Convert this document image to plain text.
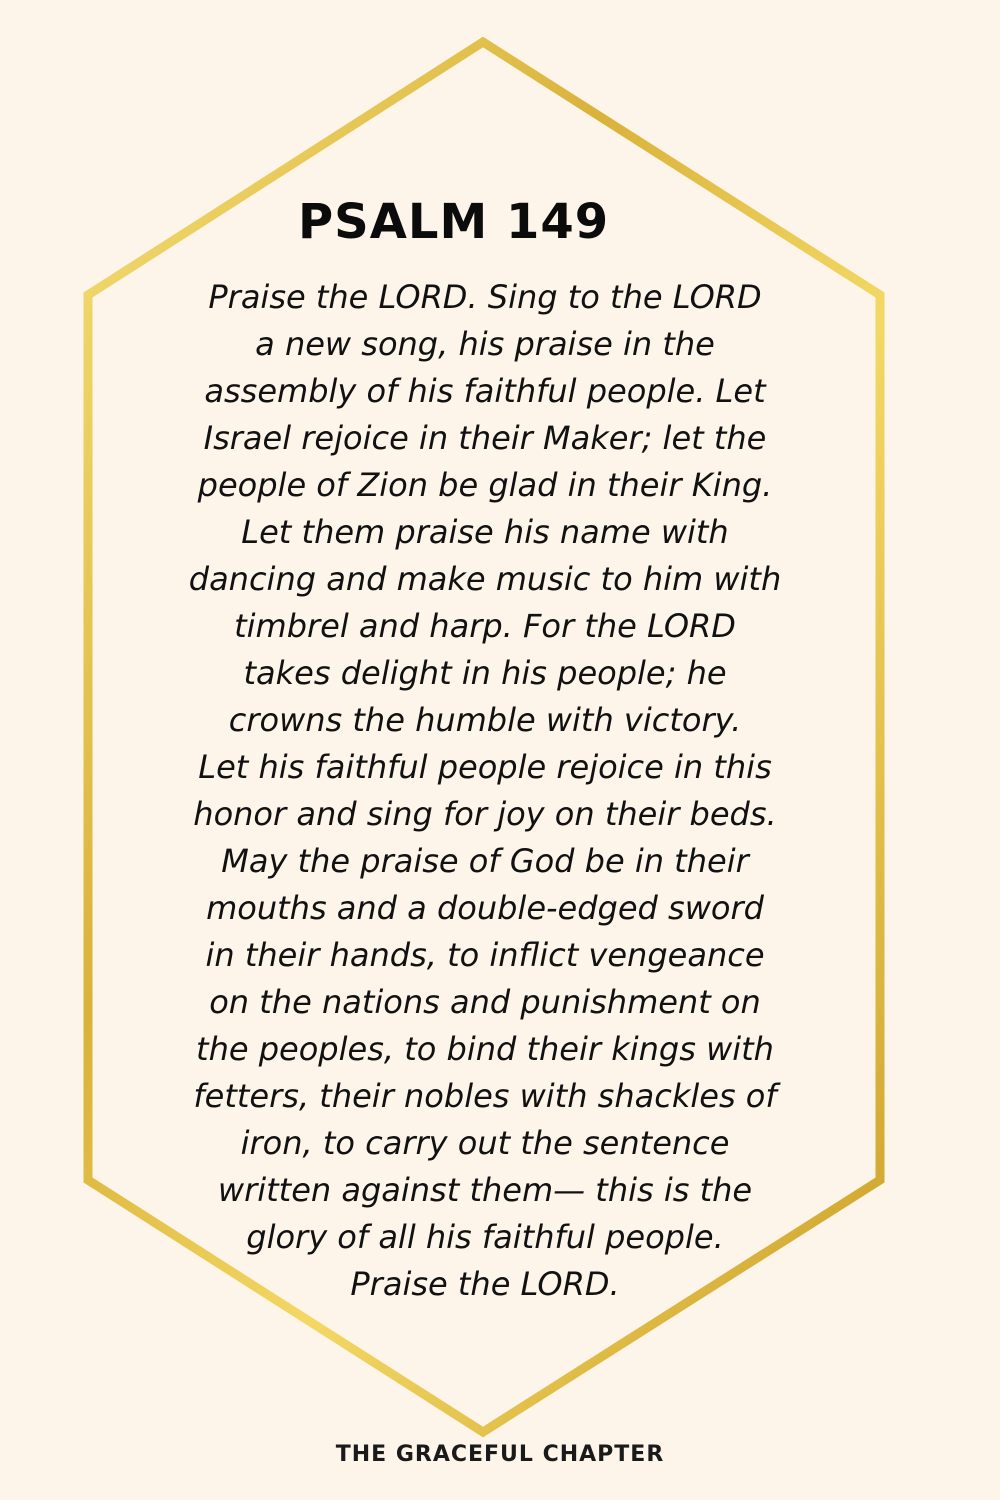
PSALM 149
Praise the LORD. Sing to the LORD
a new song, his praise in the
assembly of his faithful people. Let
Israel rejoice in their Maker; let the
people of Zion be glad in their King.
Let them praise his name with
dancing and make music to him with
timbrel and harp. For the LORD
takes delight in his people; he
crowns the humble with victory.
Let his faithful people rejoice in this
honor and sing for joy on their beds.
May the praise of God be in their
mouths and a double-edged sword
in their hands, to inflict vengeance
on the nations and punishment on
the peoples, to bind their kings with
fetters, their nobles with shackles of
iron, to carry out the sentence
written against them— this is the
glory of all his faithful people.
Praise the LORD.

THE GRACEFUL CHAPTER
